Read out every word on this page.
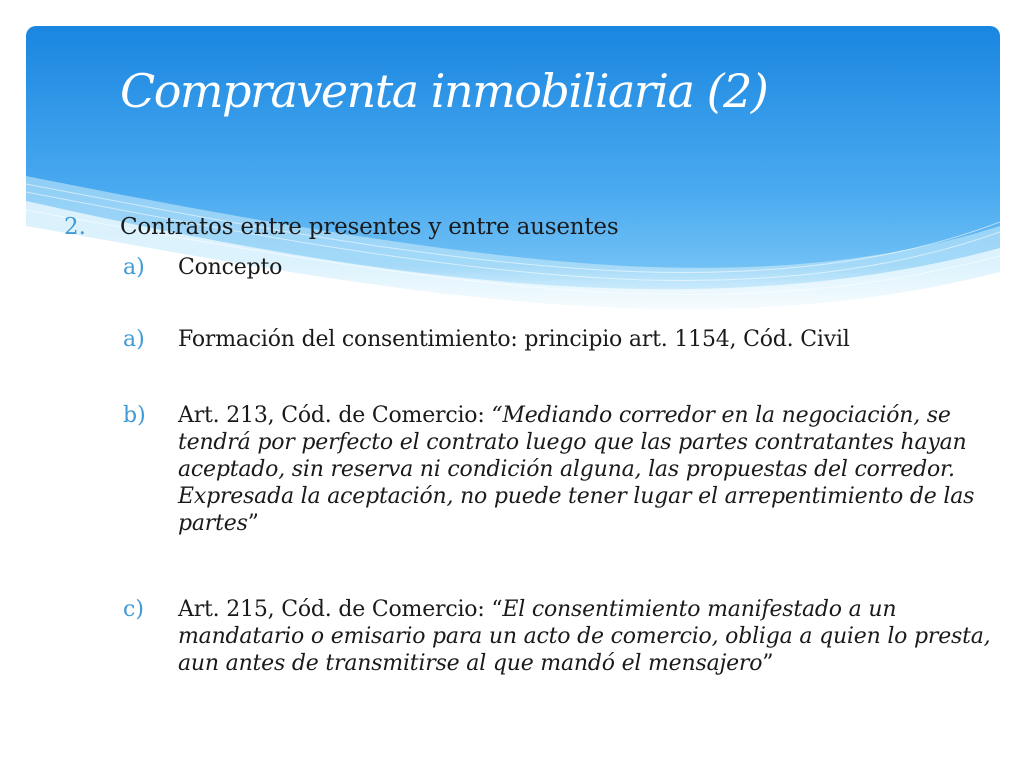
Compraventa inmobiliaria (2)
2.	Contratos entre presentes y entre ausentes
a)	Concepto
a)	Formación del consentimiento: principio art. 1154, Cód. Civil
b)	Art. 213, Cód. de Comercio: “Mediando corredor en la negociación, se tendrá por perfecto el contrato luego que las partes contratantes hayan aceptado, sin reserva ni condición alguna, las propuestas del corredor. Expresada la aceptación, no puede tener lugar el arrepentimiento de las partes”
c)	Art. 215, Cód. de Comercio: “El consentimiento manifestado a un mandatario o emisario para un acto de comercio, obliga a quien lo presta, aun antes de transmitirse al que mandó el mensajero”
